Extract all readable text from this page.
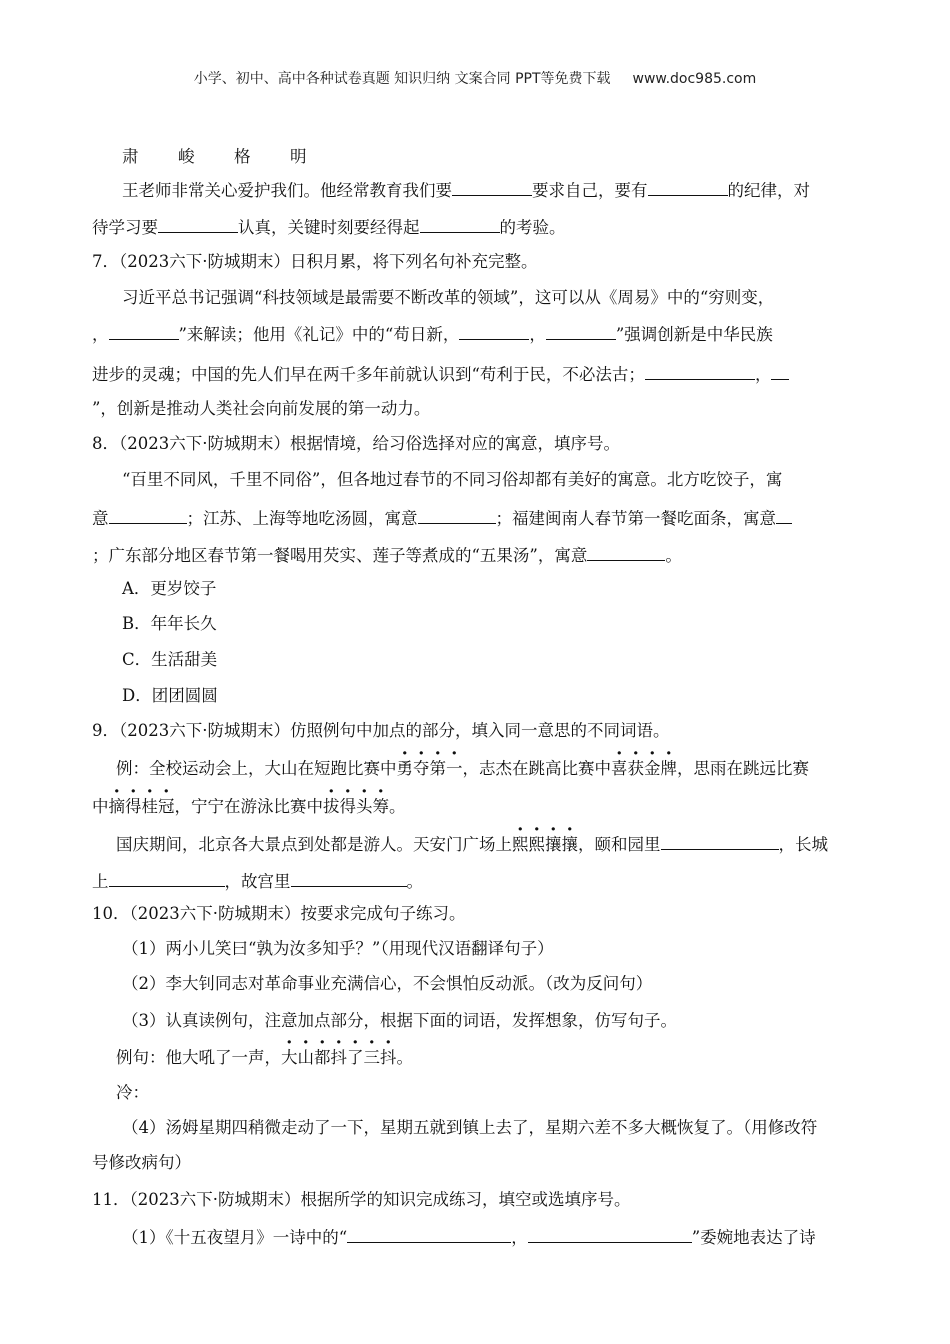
小学、初中、高中各种试卷真题 知识归纳 文案合同 PPT等免费下载 www.doc985.com
肃 峻 格 明
王老师非常关心爱护我们。他经常教育我们要	要求自己，要有	的纪律，对
待学习要	认真，关键时刻要经得起	的考验。
7．（2023六下·防城期末）日积月累，将下列名句补充完整。
习近平总书记强调“科技领域是最需要不断改革的领域”，这可以从《周易》中的“穷则变，
，	”来解读；他用《礼记》中的“苟日新，	，	”强调创新是中华民族
进步的灵魂；中国的先人们早在两千多年前就认识到“苟利于民，不必法古；	，
”，创新是推动人类社会向前发展的第一动力。
8．（2023六下·防城期末）根据情境，给习俗选择对应的寓意，填序号。
“百里不同风，千里不同俗”，但各地过春节的不同习俗却都有美好的寓意。北方吃饺子，寓
意	；江苏、上海等地吃汤圆，寓意	；福建闽南人春节第一餐吃面条，寓意
；广东部分地区春节第一餐喝用芡实、莲子等煮成的“五果汤”，寓意	。
A．更岁饺子
B．年年长久
C．生活甜美
D．团团圆圆
9．（2023六下·防城期末）仿照例句中加点的部分，填入同一意思的不同词语。
例：全校运动会上，大山在短跑比赛中勇夺第一，志杰在跳高比赛中喜获金牌，思雨在跳远比赛
中摘得桂冠，宁宁在游泳比赛中拔得头筹。
国庆期间，北京各大景点到处都是游人。天安门广场上熙熙攘攘，颐和园里	，长城
上	，故宫里	。
10．（2023六下·防城期末）按要求完成句子练习。
（1）两小儿笑曰“孰为汝多知乎？”（用现代汉语翻译句子）
（2）李大钊同志对革命事业充满信心，不会惧怕反动派。（改为反问句）
（3）认真读例句，注意加点部分，根据下面的词语，发挥想象，仿写句子。
例句：他大吼了一声，大山都抖了三抖。
冷：
（4）汤姆星期四稍微走动了一下，星期五就到镇上去了，星期六差不多大概恢复了。（用修改符
号修改病句）
11．（2023六下·防城期末）根据所学的知识完成练习，填空或选填序号。
（1）《十五夜望月》一诗中的“	，	”委婉地表达了诗
